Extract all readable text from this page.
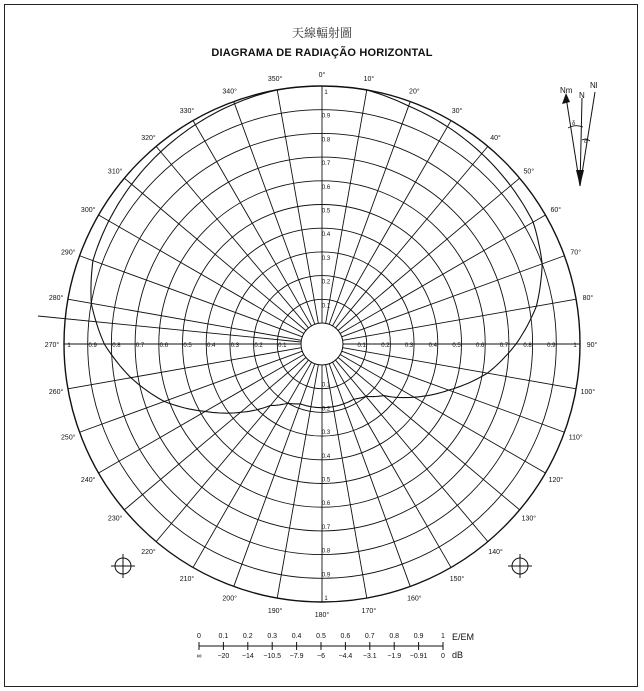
天線輻射圖
DIAGRAMA DE RADIAÇÃO HORIZONTAL
0°
10°
20°
30°
40°
50°
60°
70°
80°
90°
100°
110°
120°
130°
140°
150°
160°
170°
180°
190°
200°
210°
220°
230°
240°
250°
260°
270°
280°
290°
300°
310°
320°
330°
340°
350°
0.1
0.1
0.1
0.1
0.2
0.2
0.2
0.2
0.3
0.3
0.3
0.3
0.4
0.4
0.4
0.4
0.5
0.5
0.5
0.5
0.6
0.6
0.6
0.6
0.7
0.7
0.7
0.7
0.8
0.8
0.8
0.8
0.9
0.9
0.9
0.9
1
1
1
1
Nm
N
Nl
δ
δ
0
∞
0.1
−20
0.2
−14
0.3
−10.5
0.4
−7.9
0.5
−6
0.6
−4.4
0.7
−3.1
0.8
−1.9
0.9
−0.91
1
0
E/EM
dB
